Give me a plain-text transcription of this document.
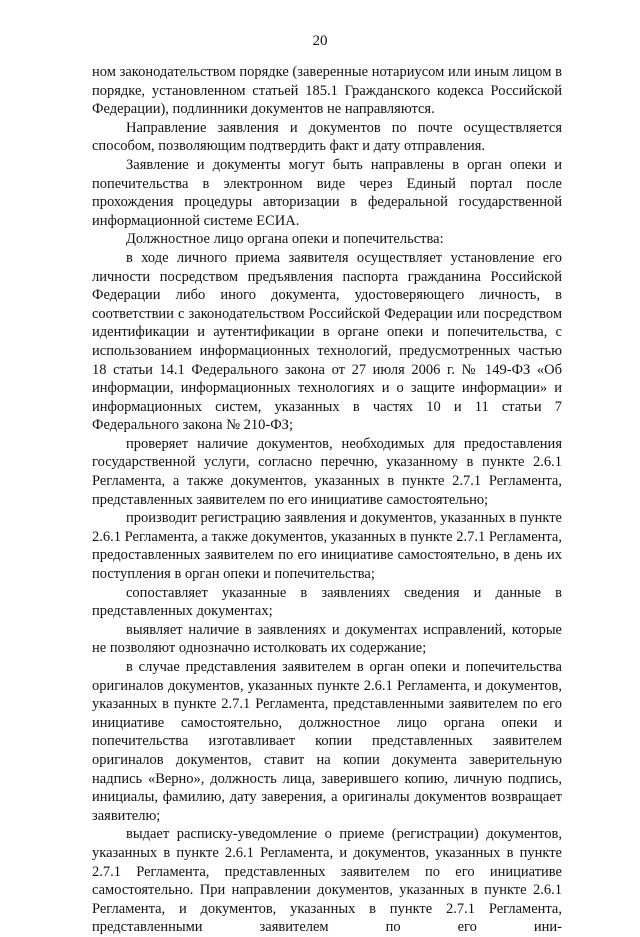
20

ном законодательством порядке (заверенные нотариусом или иным лицом в порядке, установленном статьей 185.1 Гражданского кодекса Российской Федерации), подлинники документов не направляются.

Направление заявления и документов по почте осуществляется способом, позволяющим подтвердить факт и дату отправления.

Заявление и документы могут быть направлены в орган опеки и попечительства в электронном виде через Единый портал после прохождения процедуры авторизации в федеральной государственной информационной системе ЕСИА.

Должностное лицо органа опеки и попечительства:

в ходе личного приема заявителя осуществляет установление его личности посредством предъявления паспорта гражданина Российской Федерации либо иного документа, удостоверяющего личность, в соответствии с законодательством Российской Федерации или посредством идентификации и аутентификации в органе опеки и попечительства, с использованием информационных технологий, предусмотренных частью 18 статьи 14.1 Федерального закона от 27 июля 2006 г. № 149-ФЗ «Об информации, информационных технологиях и о защите информации» и информационных систем, указанных в частях 10 и 11 статьи 7 Федерального закона № 210-ФЗ;

проверяет наличие документов, необходимых для предоставления государственной услуги, согласно перечню, указанному в пункте 2.6.1 Регламента, а также документов, указанных в пункте 2.7.1 Регламента, представленных заявителем по его инициативе самостоятельно;

производит регистрацию заявления и документов, указанных в пункте 2.6.1 Регламента, а также документов, указанных в пункте 2.7.1 Регламента, предоставленных заявителем по его инициативе самостоятельно, в день их поступления в орган опеки и попечительства;

сопоставляет указанные в заявлениях сведения и данные в представленных документах;

выявляет наличие в заявлениях и документах исправлений, которые не позволяют однозначно истолковать их содержание;

в случае представления заявителем в орган опеки и попечительства оригиналов документов, указанных пункте 2.6.1 Регламента, и документов, указанных в пункте 2.7.1 Регламента, представленными заявителем по его инициативе самостоятельно, должностное лицо органа опеки и попечительства изготавливает копии представленных заявителем оригиналов документов, ставит на копии документа заверительную надпись «Верно», должность лица, заверившего копию, личную подпись, инициалы, фамилию, дату заверения, а оригиналы документов возвращает заявителю;

выдает расписку-уведомление о приеме (регистрации) документов, указанных в пункте 2.6.1 Регламента, и документов, указанных в пункте 2.7.1 Регламента, представленных заявителем по его инициативе самостоятельно. При направлении документов, указанных в пункте 2.6.1 Регламента, и документов, указанных в пункте 2.7.1 Регламента, представленными заявителем по его ини-
